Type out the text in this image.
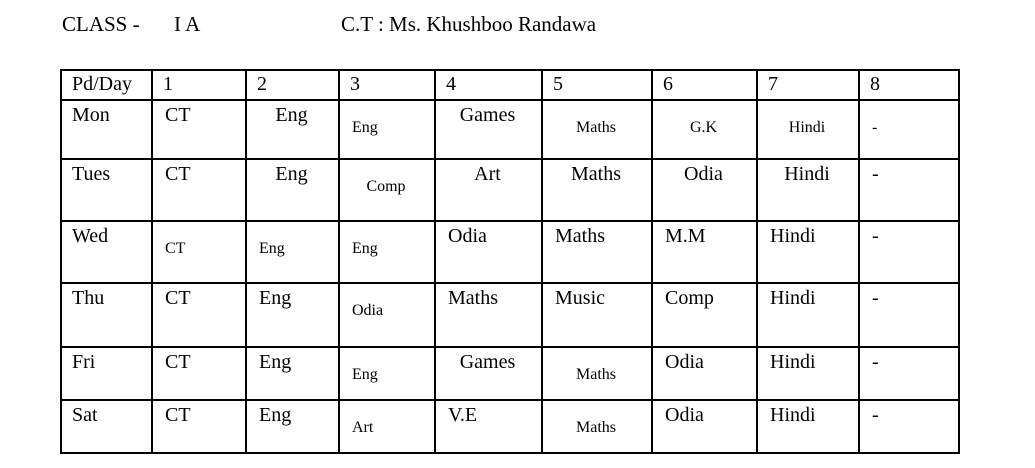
CLASS - I A	C.T : Ms. Khushboo Randawa
Pd/Day	1	2	3	4	5	6	7	8
Mon	CT	Eng	Eng	Games	Maths	G.K	Hindi	-
Tues	CT	Eng	Comp	Art	Maths	Odia	Hindi	-
Wed	CT	Eng	Eng	Odia	Maths	M.M	Hindi	-
Thu	CT	Eng	Odia	Maths	Music	Comp	Hindi	-
Fri	CT	Eng	Eng	Games	Maths	Odia	Hindi	-
Sat	CT	Eng	Art	V.E	Maths	Odia	Hindi	-
